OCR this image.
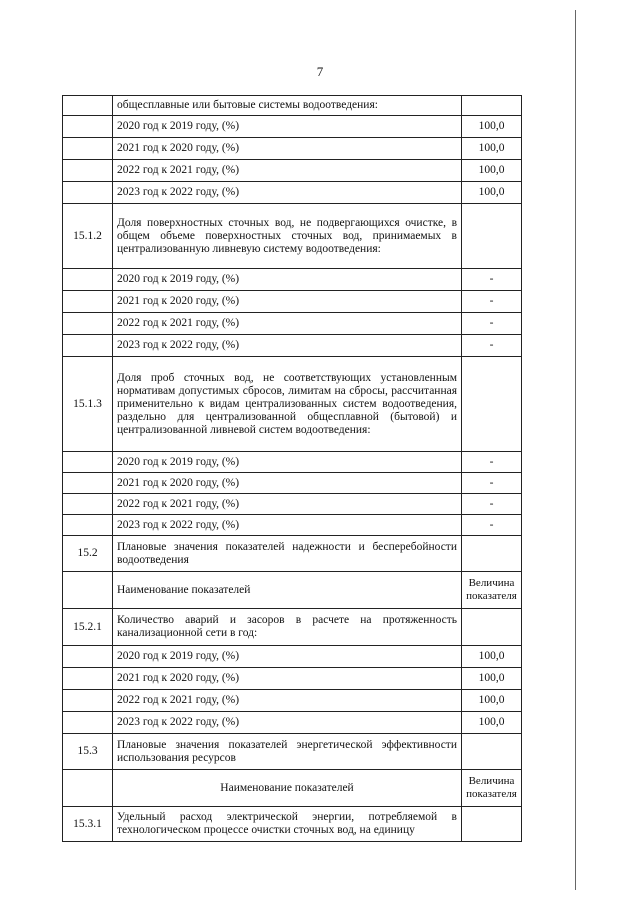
7
	общесплавные или бытовые системы водоотведения:	
	2020 год к 2019 году, (%)	100,0
	2021 год к 2020 году, (%)	100,0
	2022 год к 2021 году, (%)	100,0
	2023 год к 2022 году, (%)	100,0
15.1.2	Доля поверхностных сточных вод, не подвергающихся очистке, в общем объеме поверхностных сточных вод, принимаемых в централизованную ливневую систему водоотведения:	
	2020 год к 2019 году, (%)	-
	2021 год к 2020 году, (%)	-
	2022 год к 2021 году, (%)	-
	2023 год к 2022 году, (%)	-
15.1.3	Доля проб сточных вод, не соответствующих установленным нормативам допустимых сбросов, лимитам на сбросы, рассчитанная применительно к видам централизованных систем водоотведения, раздельно для централизованной общесплавной (бытовой) и централизованной ливневой систем водоотведения:	
	2020 год к 2019 году, (%)	-
	2021 год к 2020 году, (%)	-
	2022 год к 2021 году, (%)	-
	2023 год к 2022 году, (%)	-
15.2	Плановые значения показателей надежности и бесперебойности водоотведения	
	Наименование показателей	Величина показателя
15.2.1	Количество аварий и засоров в расчете на протяженность канализационной сети в год:	
	2020 год к 2019 году, (%)	100,0
	2021 год к 2020 году, (%)	100,0
	2022 год к 2021 году, (%)	100,0
	2023 год к 2022 году, (%)	100,0
15.3	Плановые значения показателей энергетической эффективности использования ресурсов	
	Наименование показателей	Величина показателя
15.3.1	Удельный расход электрической энергии, потребляемой в технологическом процессе очистки сточных вод, на единицу	
